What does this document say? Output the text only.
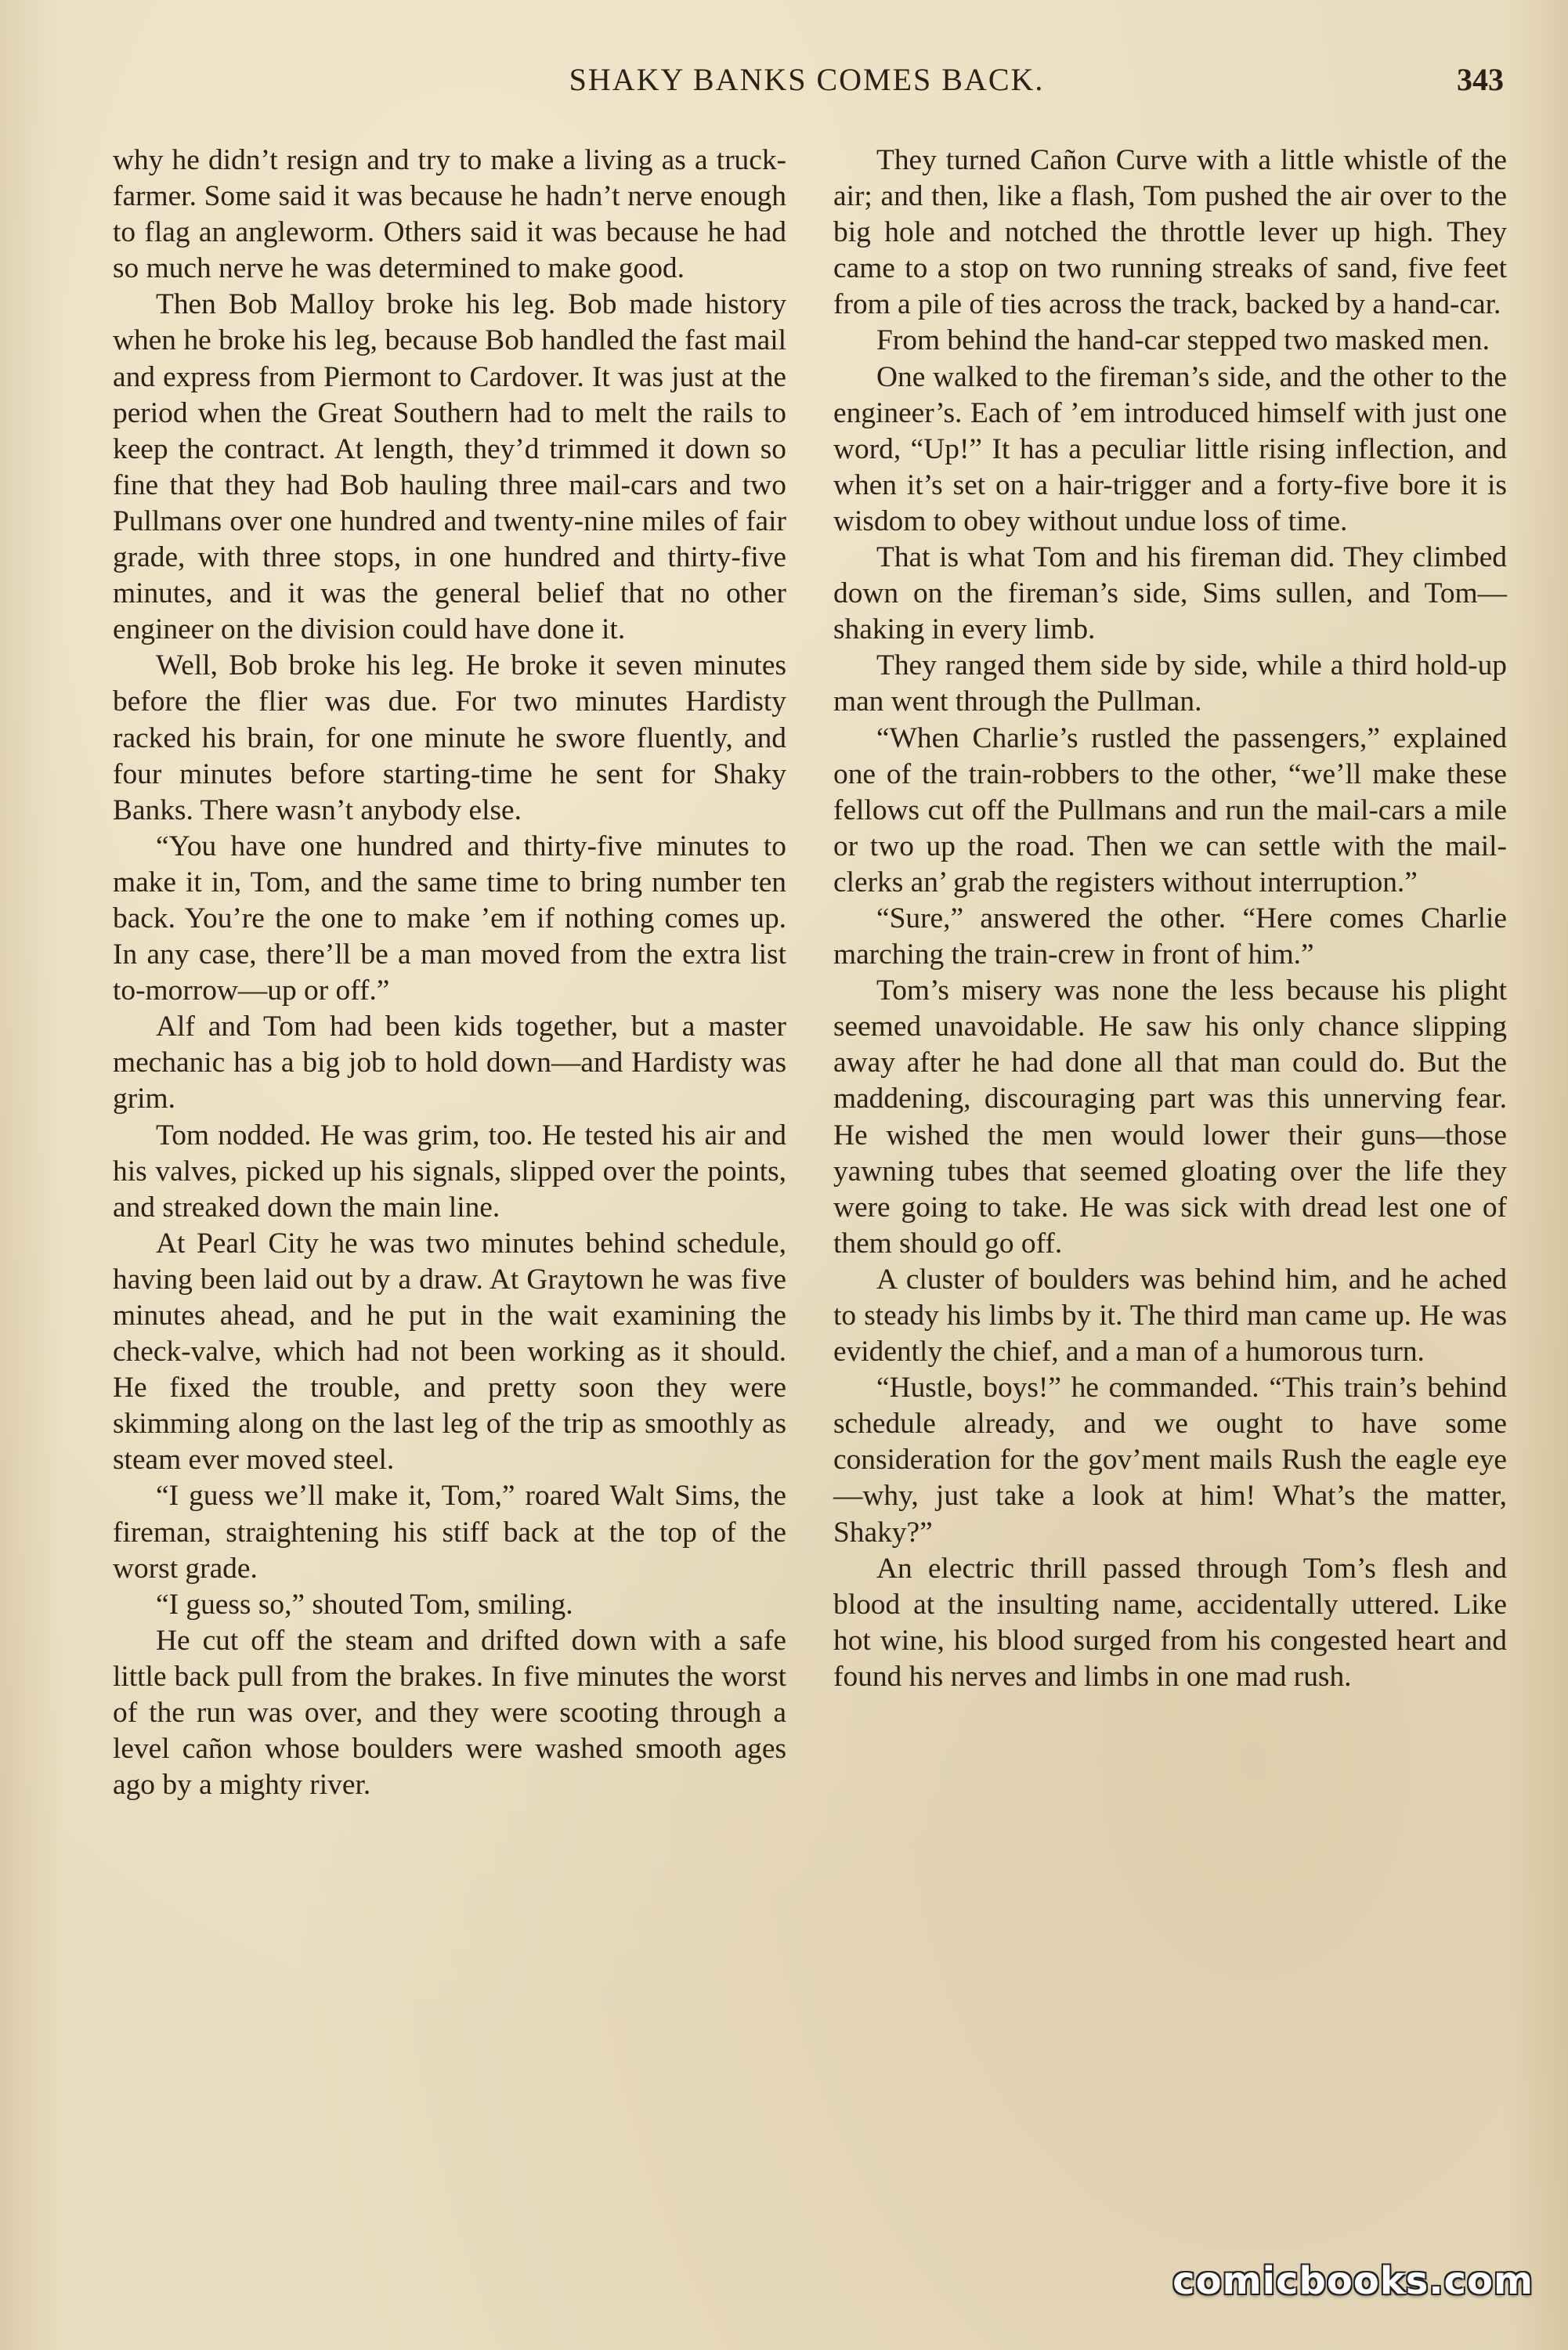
SHAKY BANKS COMES BACK.	343

why he didn’t resign and try to make a living as a truck-farmer. Some said it was because he hadn’t nerve enough to flag an angleworm. Others said it was because he had so much nerve he was determined to make good.

Then Bob Malloy broke his leg. Bob made history when he broke his leg, because Bob handled the fast mail and express from Piermont to Cardover. It was just at the period when the Great Southern had to melt the rails to keep the contract. At length, they’d trimmed it down so fine that they had Bob hauling three mail-cars and two Pullmans over one hundred and twenty-nine miles of fair grade, with three stops, in one hundred and thirty-five minutes, and it was the general belief that no other engineer on the division could have done it.

Well, Bob broke his leg. He broke it seven minutes before the flier was due. For two minutes Hardisty racked his brain, for one minute he swore fluently, and four minutes before starting-time he sent for Shaky Banks. There wasn’t anybody else.

“You have one hundred and thirty-five minutes to make it in, Tom, and the same time to bring number ten back. You’re the one to make ’em if nothing comes up. In any case, there’ll be a man moved from the extra list to-morrow—up or off.”

Alf and Tom had been kids together, but a master mechanic has a big job to hold down—and Hardisty was grim.

Tom nodded. He was grim, too. He tested his air and his valves, picked up his signals, slipped over the points, and streaked down the main line.

At Pearl City he was two minutes behind schedule, having been laid out by a draw. At Graytown he was five minutes ahead, and he put in the wait examining the check-valve, which had not been working as it should. He fixed the trouble, and pretty soon they were skimming along on the last leg of the trip as smoothly as steam ever moved steel.

“I guess we’ll make it, Tom,” roared Walt Sims, the fireman, straightening his stiff back at the top of the worst grade.

“I guess so,” shouted Tom, smiling.

He cut off the steam and drifted down with a safe little back pull from the brakes. In five minutes the worst of the run was over, and they were scooting through a level cañon whose boulders were washed smooth ages ago by a mighty river.

They turned Cañon Curve with a little whistle of the air; and then, like a flash, Tom pushed the air over to the big hole and notched the throttle lever up high. They came to a stop on two running streaks of sand, five feet from a pile of ties across the track, backed by a hand-car.

From behind the hand-car stepped two masked men.

One walked to the fireman’s side, and the other to the engineer’s. Each of ’em introduced himself with just one word, “Up!” It has a peculiar little rising inflection, and when it’s set on a hair-trigger and a forty-five bore it is wisdom to obey without undue loss of time.

That is what Tom and his fireman did. They climbed down on the fireman’s side, Sims sullen, and Tom—shaking in every limb.

They ranged them side by side, while a third hold-up man went through the Pullman.

“When Charlie’s rustled the passengers,” explained one of the train-robbers to the other, “we’ll make these fellows cut off the Pullmans and run the mail-cars a mile or two up the road. Then we can settle with the mail-clerks an’ grab the registers without interruption.”

“Sure,” answered the other. “Here comes Charlie marching the train-crew in front of him.”

Tom’s misery was none the less because his plight seemed unavoidable. He saw his only chance slipping away after he had done all that man could do. But the maddening, discouraging part was this unnerving fear. He wished the men would lower their guns—those yawning tubes that seemed gloating over the life they were going to take. He was sick with dread lest one of them should go off.

A cluster of boulders was behind him, and he ached to steady his limbs by it. The third man came up. He was evidently the chief, and a man of a humorous turn.

“Hustle, boys!” he commanded. “This train’s behind schedule already, and we ought to have some consideration for the gov’ment mails Rush the eagle eye—why, just take a look at him! What’s the matter, Shaky?”

An electric thrill passed through Tom’s flesh and blood at the insulting name, accidentally uttered. Like hot wine, his blood surged from his congested heart and found his nerves and limbs in one mad rush.

comicbooks.com
